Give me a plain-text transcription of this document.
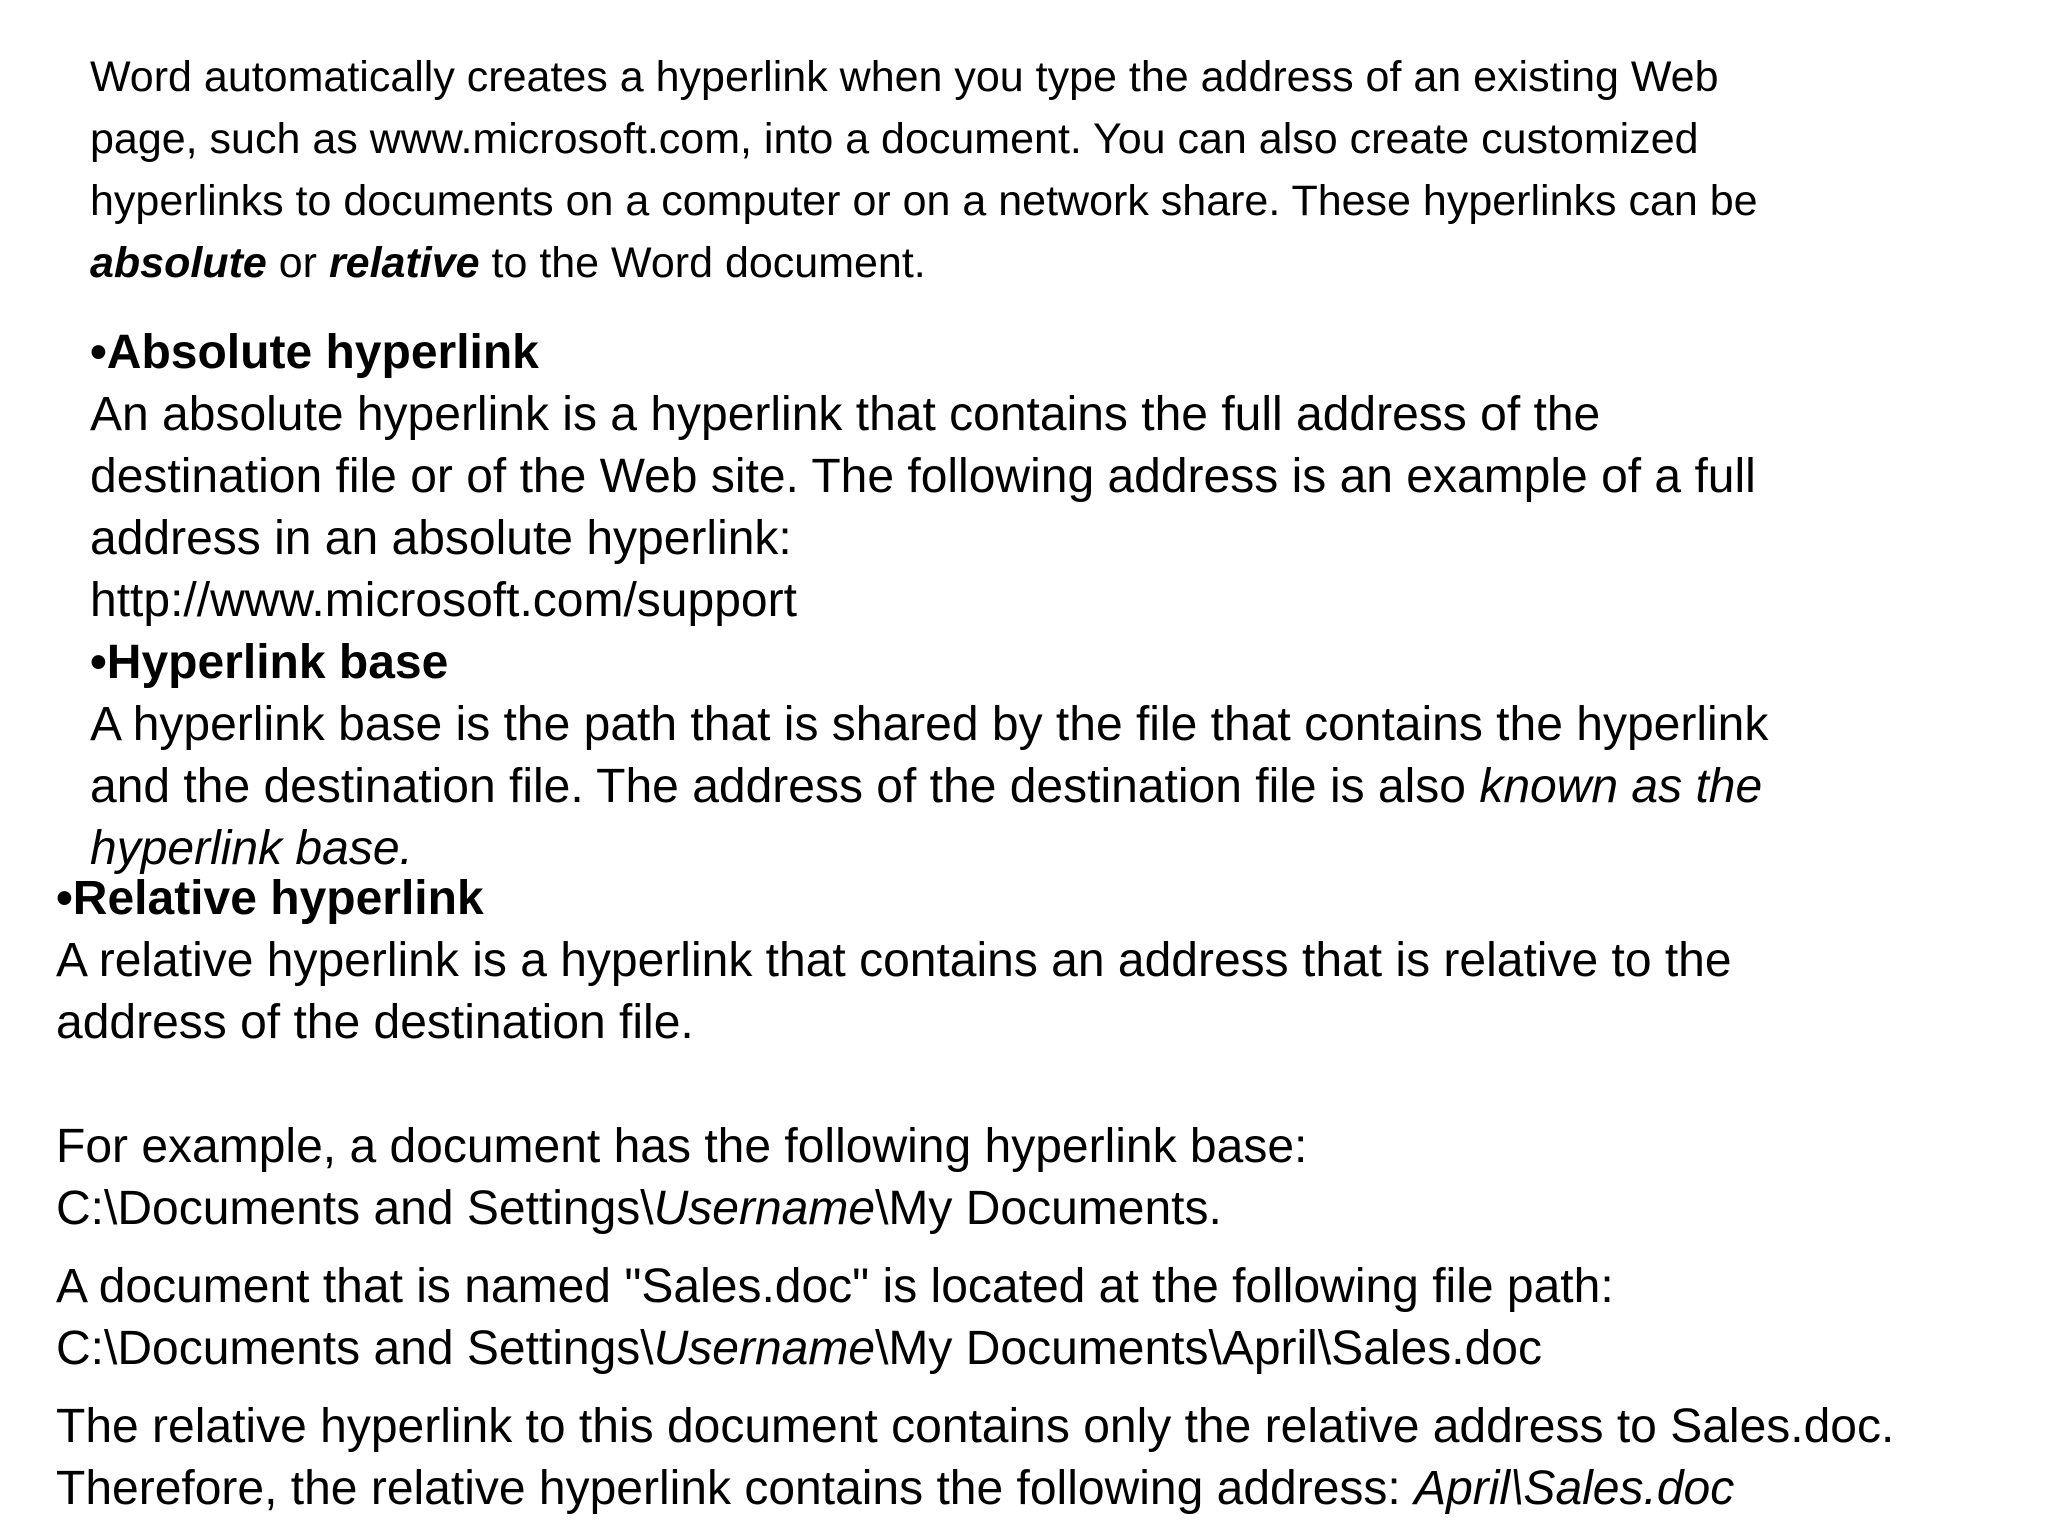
Word automatically creates a hyperlink when you type the address of an existing Web
page, such as www.microsoft.com, into a document. You can also create customized
hyperlinks to documents on a computer or on a network share. These hyperlinks can be
absolute or relative to the Word document.
•Absolute hyperlink
An absolute hyperlink is a hyperlink that contains the full address of the
destination file or of the Web site. The following address is an example of a full
address in an absolute hyperlink:
http://www.microsoft.com/support
•Hyperlink base
A hyperlink base is the path that is shared by the file that contains the hyperlink
and the destination file. The address of the destination file is also known as the
hyperlink base.
•Relative hyperlink
A relative hyperlink is a hyperlink that contains an address that is relative to the
address of the destination file.
For example, a document has the following hyperlink base:
C:\Documents and Settings\Username\My Documents.
A document that is named "Sales.doc" is located at the following file path:
C:\Documents and Settings\Username\My Documents\April\Sales.doc
The relative hyperlink to this document contains only the relative address to Sales.doc.
Therefore, the relative hyperlink contains the following address: April\Sales.doc
